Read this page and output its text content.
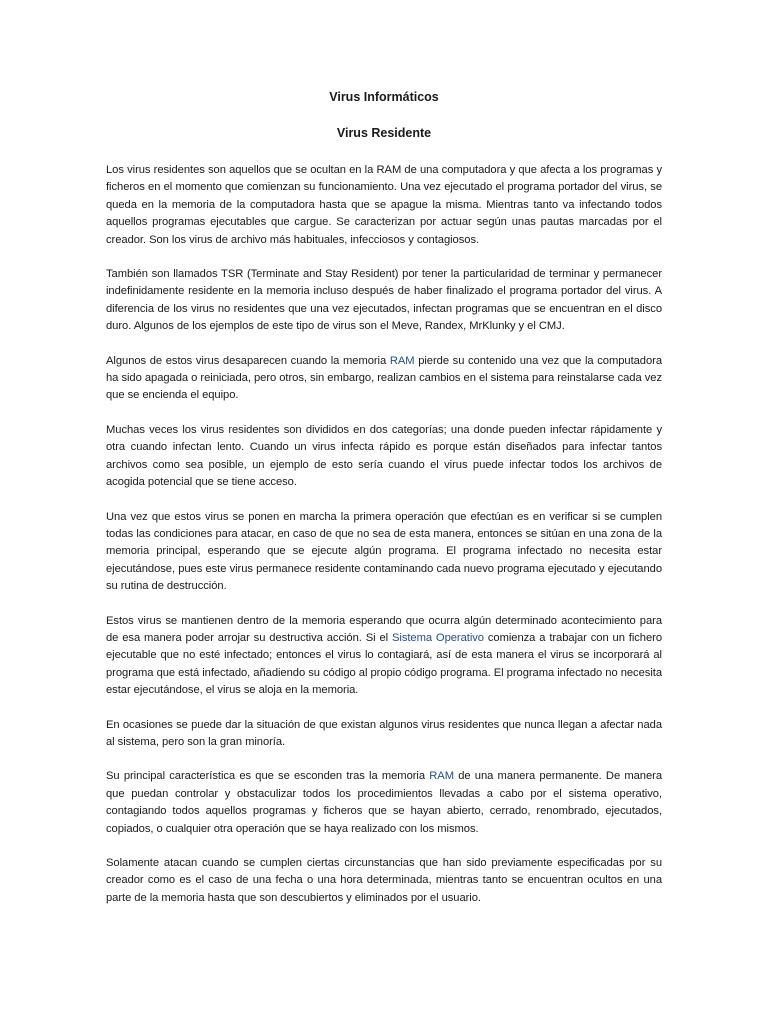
Virus Informáticos
Virus Residente

Los virus residentes son aquellos que se ocultan en la RAM de una computadora y que afecta a los programas y ficheros en el momento que comienzan su funcionamiento. Una vez ejecutado el programa portador del virus, se queda en la memoria de la computadora hasta que se apague la misma. Mientras tanto va infectando todos aquellos programas ejecutables que cargue. Se caracterizan por actuar según unas pautas marcadas por el creador. Son los virus de archivo más habituales, infecciosos y contagiosos.

También son llamados TSR (Terminate and Stay Resident) por tener la particularidad de terminar y permanecer indefinidamente residente en la memoria incluso después de haber finalizado el programa portador del virus. A diferencia de los virus no residentes que una vez ejecutados, infectan programas que se encuentran en el disco duro. Algunos de los ejemplos de este tipo de virus son el Meve, Randex, MrKlunky y el CMJ.

Algunos de estos virus desaparecen cuando la memoria RAM pierde su contenido una vez que la computadora ha sido apagada o reiniciada, pero otros, sin embargo, realizan cambios en el sistema para reinstalarse cada vez que se encienda el equipo.

Muchas veces los virus residentes son divididos en dos categorías; una donde pueden infectar rápidamente y otra cuando infectan lento. Cuando un virus infecta rápido es porque están diseñados para infectar tantos archivos como sea posible, un ejemplo de esto sería cuando el virus puede infectar todos los archivos de acogida potencial que se tiene acceso.

Una vez que estos virus se ponen en marcha la primera operación que efectúan es en verificar si se cumplen todas las condiciones para atacar, en caso de que no sea de esta manera, entonces se sitúan en una zona de la memoria principal, esperando que se ejecute algún programa. El programa infectado no necesita estar ejecutándose, pues este virus permanece residente contaminando cada nuevo programa ejecutado y ejecutando su rutina de destrucción.

Estos virus se mantienen dentro de la memoria esperando que ocurra algún determinado acontecimiento para de esa manera poder arrojar su destructiva acción. Si el Sistema Operativo comienza a trabajar con un fichero ejecutable que no esté infectado; entonces el virus lo contagiará, así de esta manera el virus se incorporará al programa que está infectado, añadiendo su código al propio código programa. El programa infectado no necesita estar ejecutándose, el virus se aloja en la memoria.

En ocasiones se puede dar la situación de que existan algunos virus residentes que nunca llegan a afectar nada al sistema, pero son la gran minoría.

Su principal característica es que se esconden tras la memoria RAM de una manera permanente. De manera que puedan controlar y obstaculizar todos los procedimientos llevadas a cabo por el sistema operativo, contagiando todos aquellos programas y ficheros que se hayan abierto, cerrado, renombrado, ejecutados, copiados, o cualquier otra operación que se haya realizado con los mismos.

Solamente atacan cuando se cumplen ciertas circunstancias que han sido previamente especificadas por su creador como es el caso de una fecha o una hora determinada, mientras tanto se encuentran ocultos en una parte de la memoria hasta que son descubiertos y eliminados por el usuario.
